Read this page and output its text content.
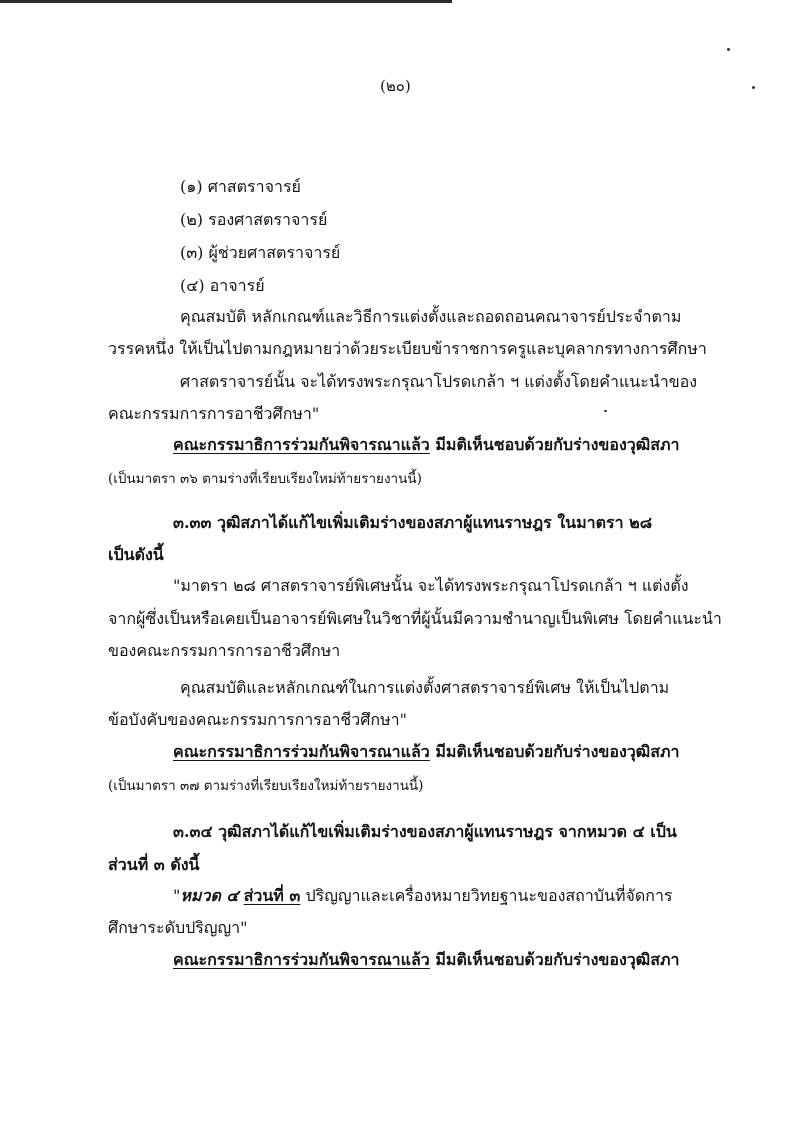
(๒๐)
(๑) ศาสตราจารย์
(๒) รองศาสตราจารย์
(๓) ผู้ช่วยศาสตราจารย์
(๔) อาจารย์
คุณสมบัติ หลักเกณฑ์และวิธีการแต่งตั้งและถอดถอนคณาจารย์ประจำตาม
วรรคหนึ่ง ให้เป็นไปตามกฎหมายว่าด้วยระเบียบข้าราชการครูและบุคลากรทางการศึกษา
ศาสตราจารย์นั้น จะได้ทรงพระกรุณาโปรดเกล้า ฯ แต่งตั้งโดยคำแนะนำของ
คณะกรรมการการอาชีวศึกษา"
คณะกรรมาธิการร่วมกันพิจารณาแล้ว มีมติเห็นชอบด้วยกับร่างของวุฒิสภา
(เป็นมาตรา ๓๖ ตามร่างที่เรียบเรียงใหม่ท้ายรายงานนี้)
๓.๓๓ วุฒิสภาได้แก้ไขเพิ่มเติมร่างของสภาผู้แทนราษฎร ในมาตรา ๒๘
เป็นดังนี้
"มาตรา ๒๘ ศาสตราจารย์พิเศษนั้น จะได้ทรงพระกรุณาโปรดเกล้า ฯ แต่งตั้ง
จากผู้ซึ่งเป็นหรือเคยเป็นอาจารย์พิเศษในวิชาที่ผู้นั้นมีความชำนาญเป็นพิเศษ โดยคำแนะนำ
ของคณะกรรมการการอาชีวศึกษา
คุณสมบัติและหลักเกณฑ์ในการแต่งตั้งศาสตราจารย์พิเศษ ให้เป็นไปตาม
ข้อบังคับของคณะกรรมการการอาชีวศึกษา"
คณะกรรมาธิการร่วมกันพิจารณาแล้ว มีมติเห็นชอบด้วยกับร่างของวุฒิสภา
(เป็นมาตรา ๓๗ ตามร่างที่เรียบเรียงใหม่ท้ายรายงานนี้)
๓.๓๔ วุฒิสภาได้แก้ไขเพิ่มเติมร่างของสภาผู้แทนราษฎร จากหมวด ๔ เป็น
ส่วนที่ ๓ ดังนี้
"หมวด ๔ ส่วนที่ ๓ ปริญญาและเครื่องหมายวิทยฐานะของสถาบันที่จัดการ
ศึกษาระดับปริญญา"
คณะกรรมาธิการร่วมกันพิจารณาแล้ว มีมติเห็นชอบด้วยกับร่างของวุฒิสภา
